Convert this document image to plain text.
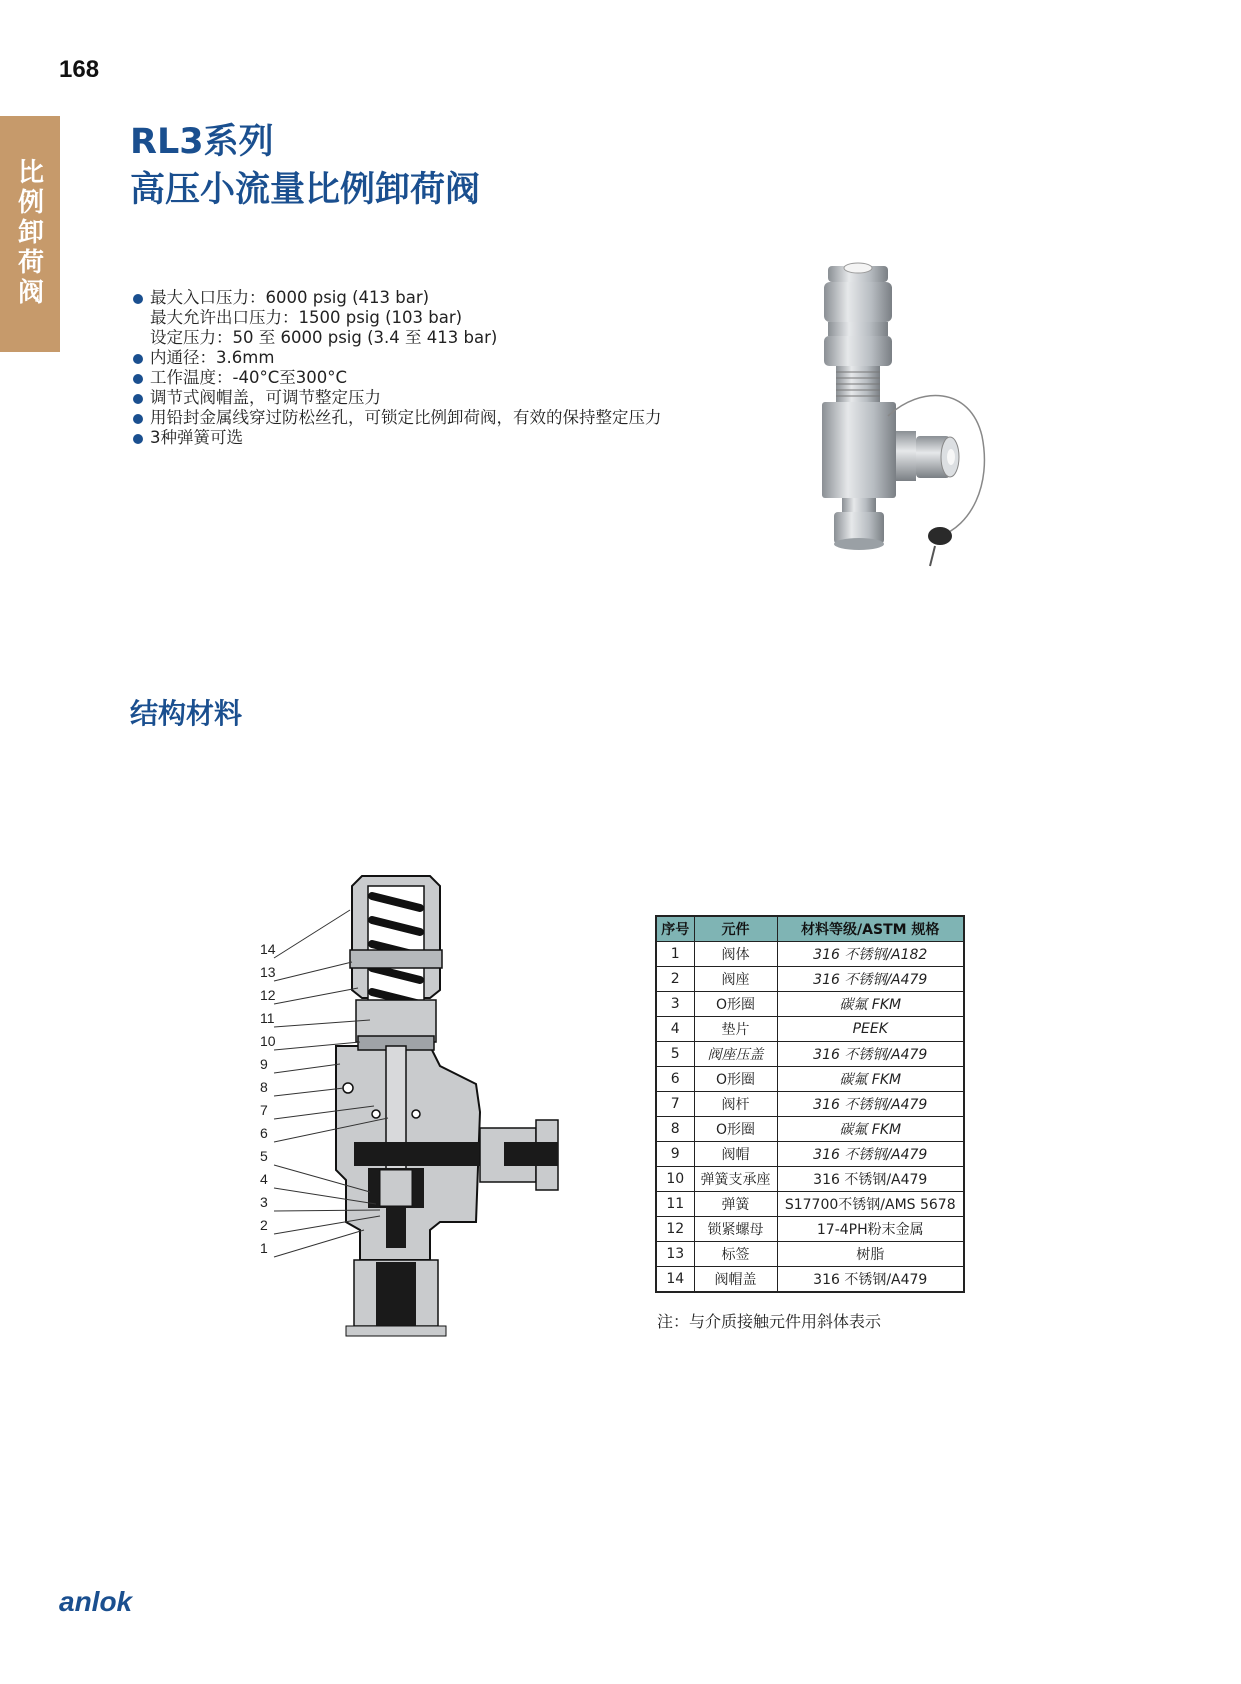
168
比例卸荷阀
RL3系列
高压小流量比例卸荷阀
最大入口压力：6000 psig (413 bar)
最大允许出口压力：1500 psig (103 bar)
设定压力：50 至 6000 psig (3.4 至 413 bar)
内通径：3.6mm
工作温度：-40°C至300°C
调节式阀帽盖，可调节整定压力
用铅封金属线穿过防松丝孔，可锁定比例卸荷阀，有效的保持整定压力
3种弹簧可选
结构材料
14
13
12
11
10
9
8
7
6
5
4
3
2
1
序号	元件	材料等级/ASTM 规格
1	阀体	316 不锈钢/A182
2	阀座	316 不锈钢/A479
3	O形圈	碳氟 FKM
4	垫片	PEEK
5	阀座压盖	316 不锈钢/A479
6	O形圈	碳氟 FKM
7	阀杆	316 不锈钢/A479
8	O形圈	碳氟 FKM
9	阀帽	316 不锈钢/A479
10	弹簧支承座	316 不锈钢/A479
11	弹簧	S17700不锈钢/AMS 5678
12	锁紧螺母	17-4PH粉末金属
13	标签	树脂
14	阀帽盖	316 不锈钢/A479
注：与介质接触元件用斜体表示
anlok
